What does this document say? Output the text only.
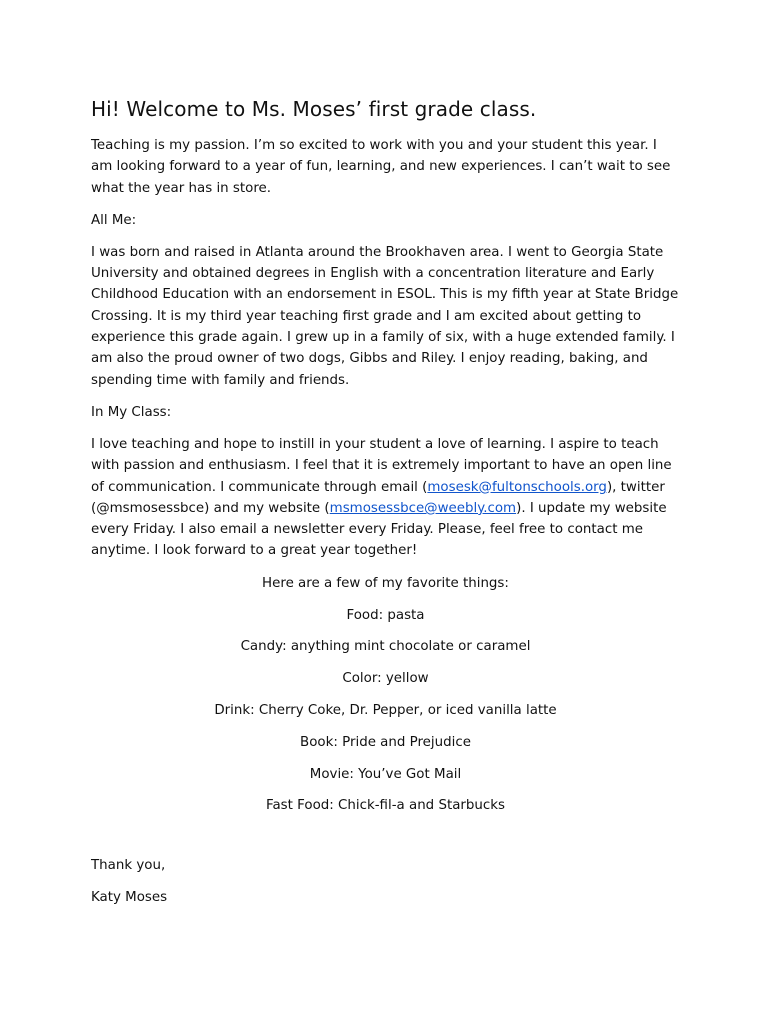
Hi! Welcome to Ms. Moses’ first grade class.

Teaching is my passion. I’m so excited to work with you and your student this year. I am looking forward to a year of fun, learning, and new experiences. I can’t wait to see what the year has in store.

All Me:

I was born and raised in Atlanta around the Brookhaven area. I went to Georgia State University and obtained degrees in English with a concentration literature and Early Childhood Education with an endorsement in ESOL. This is my fifth year at State Bridge Crossing. It is my third year teaching first grade and I am excited about getting to experience this grade again. I grew up in a family of six, with a huge extended family. I am also the proud owner of two dogs, Gibbs and Riley. I enjoy reading, baking, and spending time with family and friends.

In My Class:

I love teaching and hope to instill in your student a love of learning. I aspire to teach with passion and enthusiasm. I feel that it is extremely important to have an open line of communication. I communicate through email (mosesk@fultonschools.org), twitter (@msmosessbce) and my website (msmosessbce@weebly.com). I update my website every Friday. I also email a newsletter every Friday. Please, feel free to contact me anytime. I look forward to a great year together!

Here are a few of my favorite things:

Food: pasta

Candy: anything mint chocolate or caramel

Color: yellow

Drink: Cherry Coke, Dr. Pepper, or iced vanilla latte

Book: Pride and Prejudice

Movie: You’ve Got Mail

Fast Food: Chick-fil-a and Starbucks

Thank you,

Katy Moses
